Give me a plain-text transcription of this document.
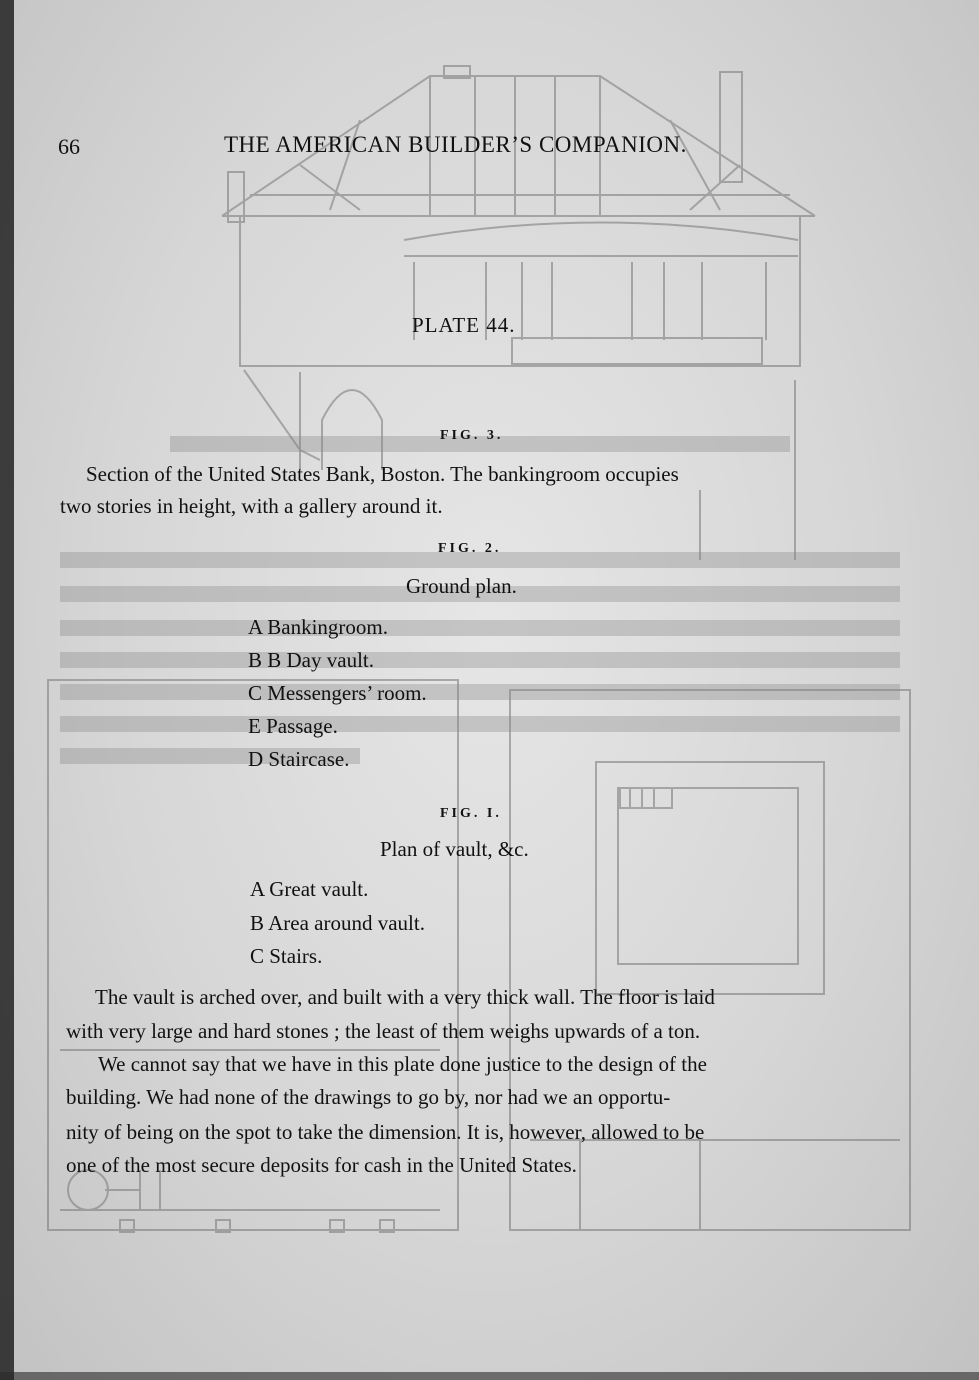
66	THE AMERICAN BUILDER’S COMPANION.
PLATE 44.
FIG. 3.
Section of the United States Bank, Boston. The bankingroom occupies
two stories in height, with a gallery around it.
FIG. 2.
Ground plan.
A Bankingroom.
B B Day vault.
C Messengers’ room.
E Passage.
D Staircase.
FIG. I.
Plan of vault, &c.
A Great vault.
B Area around vault.
C Stairs.
The vault is arched over, and built with a very thick wall. The floor is laid
with very large and hard stones ; the least of them weighs upwards of a ton.
We cannot say that we have in this plate done justice to the design of the
building. We had none of the drawings to go by, nor had we an opportu-
nity of being on the spot to take the dimension. It is, however, allowed to be
one of the most secure deposits for cash in the United States.
